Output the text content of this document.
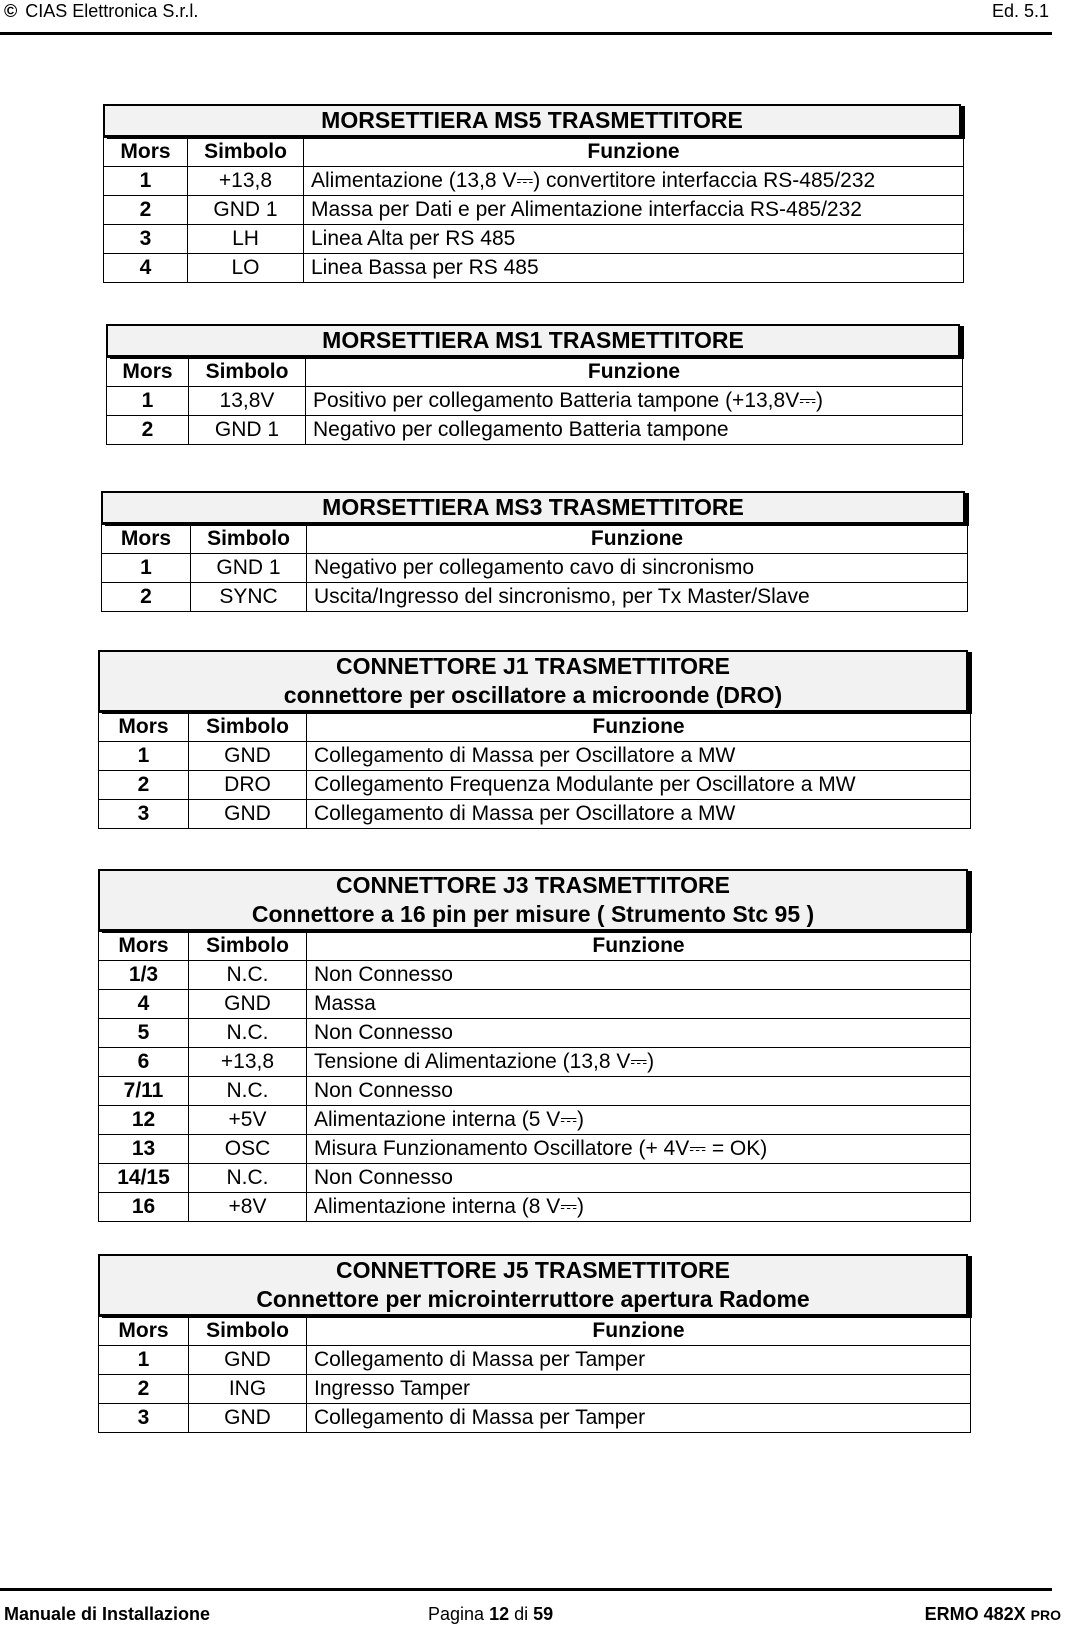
© CIAS Elettronica S.r.l.	Ed. 5.1
MORSETTIERA MS5 TRASMETTITORE
Mors	Simbolo	Funzione
1	+13,8	Alimentazione (13,8 V⎓) convertitore interfaccia RS-485/232
2	GND 1	Massa per Dati e per Alimentazione interfaccia RS-485/232
3	LH	Linea Alta per RS 485
4	LO	Linea Bassa per RS 485
MORSETTIERA MS1 TRASMETTITORE
Mors	Simbolo	Funzione
1	13,8V	Positivo per collegamento Batteria tampone (+13,8V⎓)
2	GND 1	Negativo per collegamento Batteria tampone
MORSETTIERA MS3 TRASMETTITORE
Mors	Simbolo	Funzione
1	GND 1	Negativo per collegamento cavo di sincronismo
2	SYNC	Uscita/Ingresso del sincronismo, per Tx Master/Slave
CONNETTORE J1 TRASMETTITORE
connettore per oscillatore a microonde (DRO)
Mors	Simbolo	Funzione
1	GND	Collegamento di Massa per Oscillatore a MW
2	DRO	Collegamento Frequenza Modulante per Oscillatore a MW
3	GND	Collegamento di Massa per Oscillatore a MW
CONNETTORE J3 TRASMETTITORE
Connettore a 16 pin per misure ( Strumento Stc 95 )
Mors	Simbolo	Funzione
1/3	N.C.	Non Connesso
4	GND	Massa
5	N.C.	Non Connesso
6	+13,8	Tensione di Alimentazione (13,8 V⎓)
7/11	N.C.	Non Connesso
12	+5V	Alimentazione interna (5 V⎓)
13	OSC	Misura Funzionamento Oscillatore (+ 4V⎓ = OK)
14/15	N.C.	Non Connesso
16	+8V	Alimentazione interna (8 V⎓)
CONNETTORE J5 TRASMETTITORE
Connettore per microinterruttore apertura Radome
Mors	Simbolo	Funzione
1	GND	Collegamento di Massa per Tamper
2	ING	Ingresso Tamper
3	GND	Collegamento di Massa per Tamper
Manuale di Installazione	Pagina 12 di 59	ERMO 482X PRO
